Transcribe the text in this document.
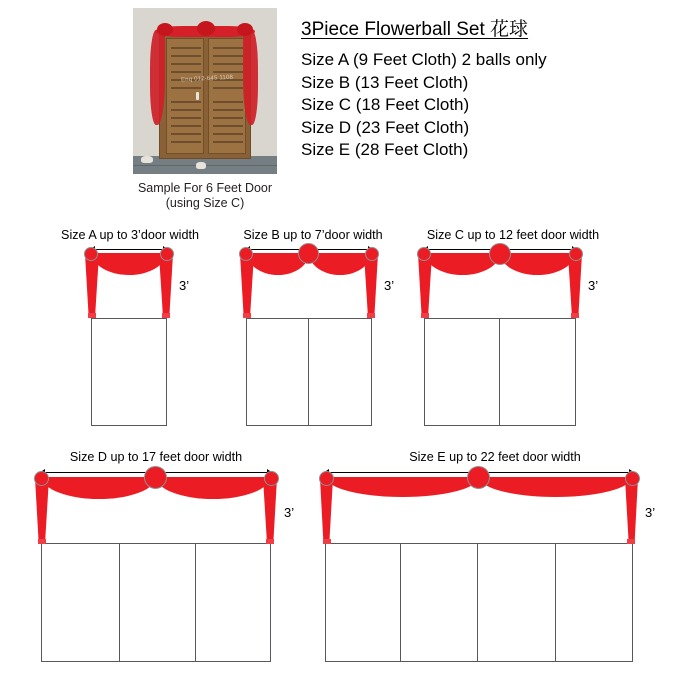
Enq 012-645 1108
Sample For 6 Feet Door
(using Size C)
3Piece Flowerball Set 花球
Size A (9 Feet Cloth) 2 balls only
Size B (13 Feet Cloth)
Size C (18 Feet Cloth)
Size D (23 Feet Cloth)
Size E (28 Feet Cloth)
Size A up to 3’door width
3’
Size B up to 7’door width
3’
Size C up to 12 feet door width
3’
Size D up to 17 feet door width
3’
Size E up to 22 feet door width
3’
